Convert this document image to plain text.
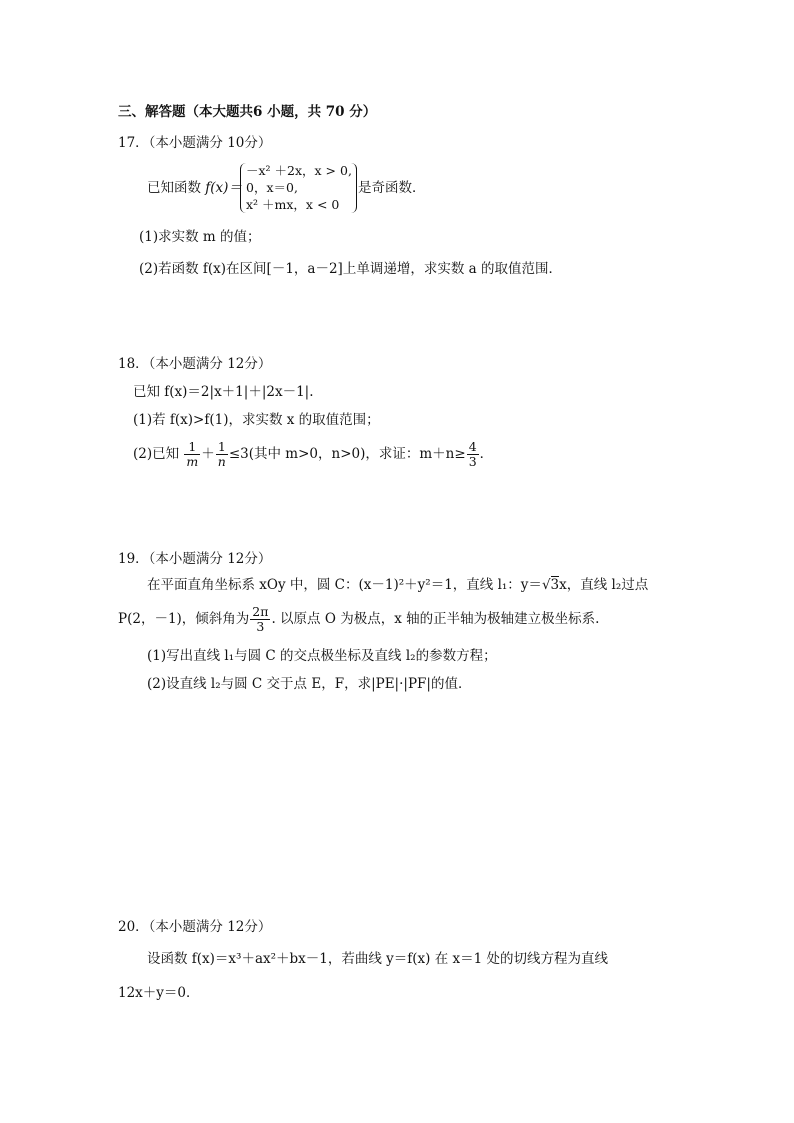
三、解答题（本大题共6 小题，共 70 分）
17．（本小题满分 10分）
已知函数 f(x)＝
－x² ＋2x，x > 0,
0，x＝0,
x² ＋mx，x < 0
是奇函数．
(1)求实数 m 的值；
(2)若函数 f(x)在区间[－1，a－2]上单调递增，求实数 a 的取值范围．
18．（本小题满分 12分）
已知 f(x)＝2|x＋1|＋|2x－1|.
(1)若 f(x)>f(1)，求实数 x 的取值范围；
(2)已知 $\frac{1}{m} + \frac{1}{n} \le 3$(其中 m>0，n>0)，求证：$m+n\ge \frac{4}{3}$ ．
19．（本小题满分 12分）
在平面直角坐标系 xOy 中，圆 C：(x－1)²＋y²＝1，直线 l₁：y＝√3x，直线 l₂过点
P(2，－1)，倾斜角为 $\frac{2\pi}{3}$ . 以原点 O 为极点，x 轴的正半轴为极轴建立极坐标系.
(1)写出直线 l₁与圆 C 的交点极坐标及直线 l₂的参数方程；
(2)设直线 l₂与圆 C 交于点 E，F，求|PE|·|PF|的值．
20．（本小题满分 12分）
设函数 f(x)＝x³＋ax²＋bx－1，若曲线 y＝f(x) 在 x＝1 处的切线方程为直线
12x＋y＝0．
